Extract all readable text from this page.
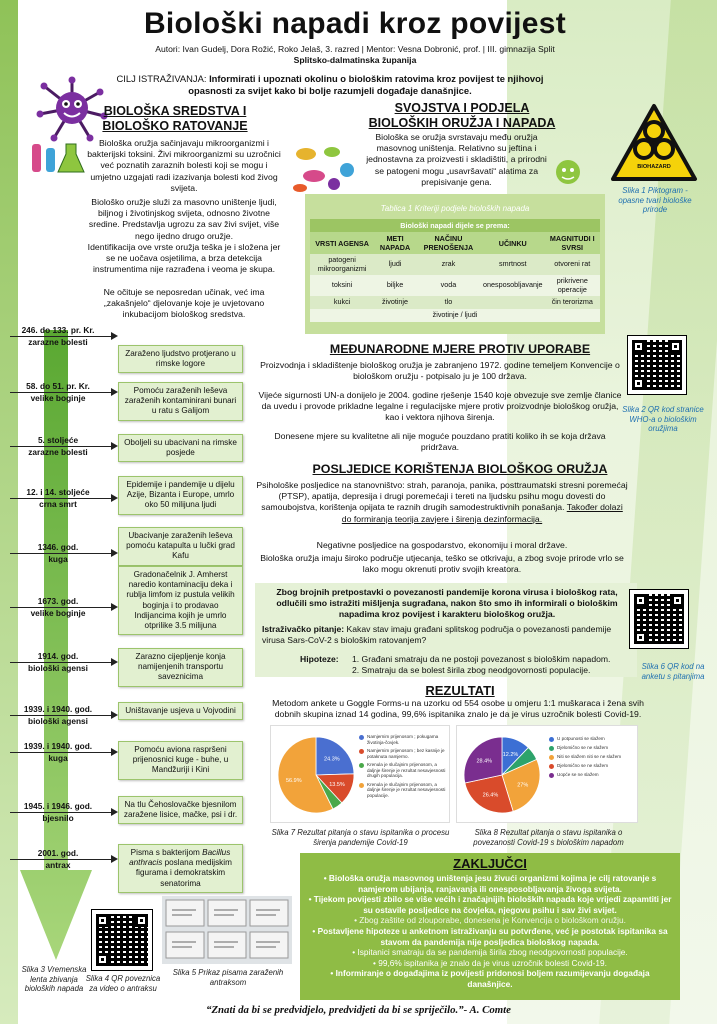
Biološki napadi kroz povijest
Autori: Ivan Gudelj, Dora Rožić, Roko Jelaš, 3. razred | Mentor: Vesna Dobronić, prof. | III. gimnazija Split
Splitsko-dalmatinska županija
CILJ ISTRAŽIVANJA: Informirati i upoznati okolinu o biološkim ratovima kroz povijest te njihovoj opasnosti za svijet kako bi bolje razumjeli događaje današnjice.
BIOHAZARD
Slika 1 Piktogram - opasne tvari biološke prirode
BIOLOŠKA SREDSTVA I BIOLOŠKO RATOVANJE
Biološka oružja sačinjavaju mikroorganizmi i bakterijski toksini. Živi mikroorganizmi su uzročnici već poznatih zaraznih bolesti koji se mogu i umjetno uzgajati radi izazivanja bolesti kod živog svijeta.
Biološko oružje služi za masovno uništenje ljudi, biljnog i životinjskog svijeta, odnosno životne sredine. Predstavlja ugrozu za sav živi svijet, više nego ijedno drugo oružje.
Identifikacija ove vrste oružja teška je i složena jer se ne uočava osjetilima, a brza detekcija instrumentima nije razrađena i veoma je skupa.
Ne očituje se neposredan učinak, već ima „zakašnjelo“ djelovanje koje je uvjetovano inkubacijom biološkog sredstva.
SVOJSTVA I PODJELA BIOLOŠKIH ORUŽJA I NAPADA
Biološka se oružja svrstavaju među oružja masovnog uništenja. Relativno su jeftina i jednostavna za proizvesti i skladištiti, a prirodni se patogeni mogu „usavršavati“ alatima za prepisivanje gena.
Tablica 1 Kriteriji podjele bioloških napada
Biološki napadi dijele se prema:				
VRSTI AGENSA	METI NAPADA	NAČINU PRENOŠENJA	UČINKU	MAGNITUDI I SVRSI
patogeni mikroorganizmi	ljudi	zrak	smrtnost	otvoreni rat
toksini	biljke	voda	onesposobljavanje	prikrivene operacije
kukci	životinje	tlo		čin terorizma
životinje / ljudi				
Slika 2 QR kod stranice WHO-a o biološkim oružjima
MEĐUNARODNE MJERE PROTIV UPORABE
Proizvodnja i skladištenje biološkog oružja je zabranjeno 1972. godine temeljem Konvencije o biološkom oružju - potpisalo ju je 100 država.
Vijeće sigurnosti UN-a donijelo je 2004. godine rješenje 1540 koje obvezuje sve zemlje članice da uvedu i provode prikladne legalne i regulacijske mjere protiv proizvodnje biološkog oružja, kao i vektora njihova širenja.
Donesene mjere su kvalitetne ali nije moguće pouzdano pratiti koliko ih se koja država pridržava.
POSLJEDICE KORIŠTENJA BIOLOŠKOG ORUŽJA
Psihološke posljedice na stanovništvo: strah, paranoja, panika, posttraumatski stresni poremećaj (PTSP), apatija, depresija i drugi poremećaji i tereti na ljudsku psihu mogu dovesti do samoubojstva, korištenja opijata te raznih drugih samodestruktivnih ponašanja. Također dolazi do formiranja teorija zavjere i širenja dezinformacija.
Negativne posljedice na gospodarstvo, ekonomiju i moral države.
Biološka oružja imaju široko područje utjecanja, teško se otkrivaju, a zbog svoje prirode vrlo se lako mogu okrenuti protiv svojih kreatora.
Zbog brojnih pretpostavki o povezanosti pandemije korona virusa i biološkog rata, odlučili smo istražiti mišljenja sugrađana, nakon što smo ih informirali o biološkim napadima kroz povijest i karakteru biološkog oružja.
Istraživačko pitanje: Kakav stav imaju građani splitskog područja o povezanosti pandemije virusa Sars-CoV-2 s biološkim ratovanjem?
Hipoteze: 1. Građani smatraju da ne postoji povezanost s biološkim napadom.
2. Smatraju da se bolest širila zbog neodgovornosti populacije.	Slika 6 QR kod na anketu s pitanjima
REZULTATI
Metodom ankete u Goggle Forms-u na uzorku od 554 osobe u omjeru 1:1 muškaraca i žena svih dobnih skupina iznad 14 godina, 99,6% ispitanika znalo je da je virus uzročnik bolesti Covid-19.
24.3%
13.5%
56.9%
Namjernim prijenosom ; pokugama životinja-čovjek.
Namjernim prijenosom ; bez kasnije je potaknuta namjerno.
Krenula je slučajnim prijenosom, a daljnje širenje je rezultat nesavjesnosti drugih populacija.
Krenula je slučajnim prijenosom, a daljnje širenje je rezultat nesavjesnosti populacije.
Slika 7 Rezultat pitanja o stavu ispitanika o procesu širenja pandemije Covid-19
12.2%
27%
26.4%
28.4%
U potpunosti se slažem
Djelomično se ne slažem
Niti se slažem niti se ne slažem
Djelomično se ne slažem
Uopće se ne slažem
Slika 8 Rezultat pitanja o stavu ispitanika o povezanosti Covid-19 s biološkim napadom
ZAKLJUČCI
• Biološka oružja masovnog uništenja jesu živući organizmi kojima je cilj ratovanje s namjerom ubijanja, ranjavanja ili onesposobljavanja živoga svijeta.
• Tijekom povijesti zbilo se više većih i značajnijih bioloških napada koje vrijedi zapamtiti jer su ostavile posljedice na čovjeka, njegovu psihu i sav živi svijet.
• Zbog zaštite od zlouporabe, donesena je Konvencija o biološkom oružju.
• Postavljene hipoteze u anketnom istraživanju su potvrđene, već je postotak ispitanika sa stavom da pandemija nije posljedica biološkog napada.
• Ispitanici smatraju da se pandemija širila zbog neodgovornosti populacije.
• 99,6% ispitanika je znalo da je virus uzročnik bolesti Covid-19.
• Informiranje o događajima iz povijesti pridonosi boljem razumijevanju događaja današnjice.
246. do 133. pr. Kr.
zarazne bolesti
Zaraženo ljudstvo protjerano u rimske logore
58. do 51. pr. Kr.
velike boginje
Pomoću zaraženih leševa zaraženih kontaminirani bunari u ratu s Galijom
5. stoljeće
zarazne bolesti
Oboljeli su ubacivani na rimske posjede
12. i 14. stoljeće
crna smrt
Epidemije i pandemije u dijelu Azije, Bizanta i Europe, umrlo oko 50 milijuna ljudi
1346. god.
kuga
Ubacivanje zaraženih leševa pomoću katapulta u lučki grad Kafu
1673. god.
velike boginje
Gradonačelnik J. Amherst naredio kontaminaciju deka i rublja limfom iz pustula velikih boginja i to prodavao Indijancima kojih je umrlo otprilike 3.5 milijuna
1914. god.
biološki agensi
Zarazno cijepljenje konja namijenjenih transportu saveznicima
1939. i 1940. god.
biološki agensi
Uništavanje usjeva u Vojvodini
1939. i 1940. god.
kuga
Pomoću aviona raspršeni prijenosnici kuge - buhe, u Mandžuriji i Kini
1945. i 1946. god.
bjesnilo
Na tlu Čehoslovačke bjesnilom zaražene lisice, mačke, psi i dr.
2001. god.
antrax
Pisma s bakterijom Bacillus anthracis poslana medijskim figurama i demokratskim senatorima
Slika 3 Vremenska lenta zbivanja bioloških napada
Slika 4 QR poveznica za video o antraksu
Slika 5 Prikaz pisama zaraženih antraksom
“Znati da bi se predvidjelo, predvidjeti da bi se spriječilo.”- A. Comte
